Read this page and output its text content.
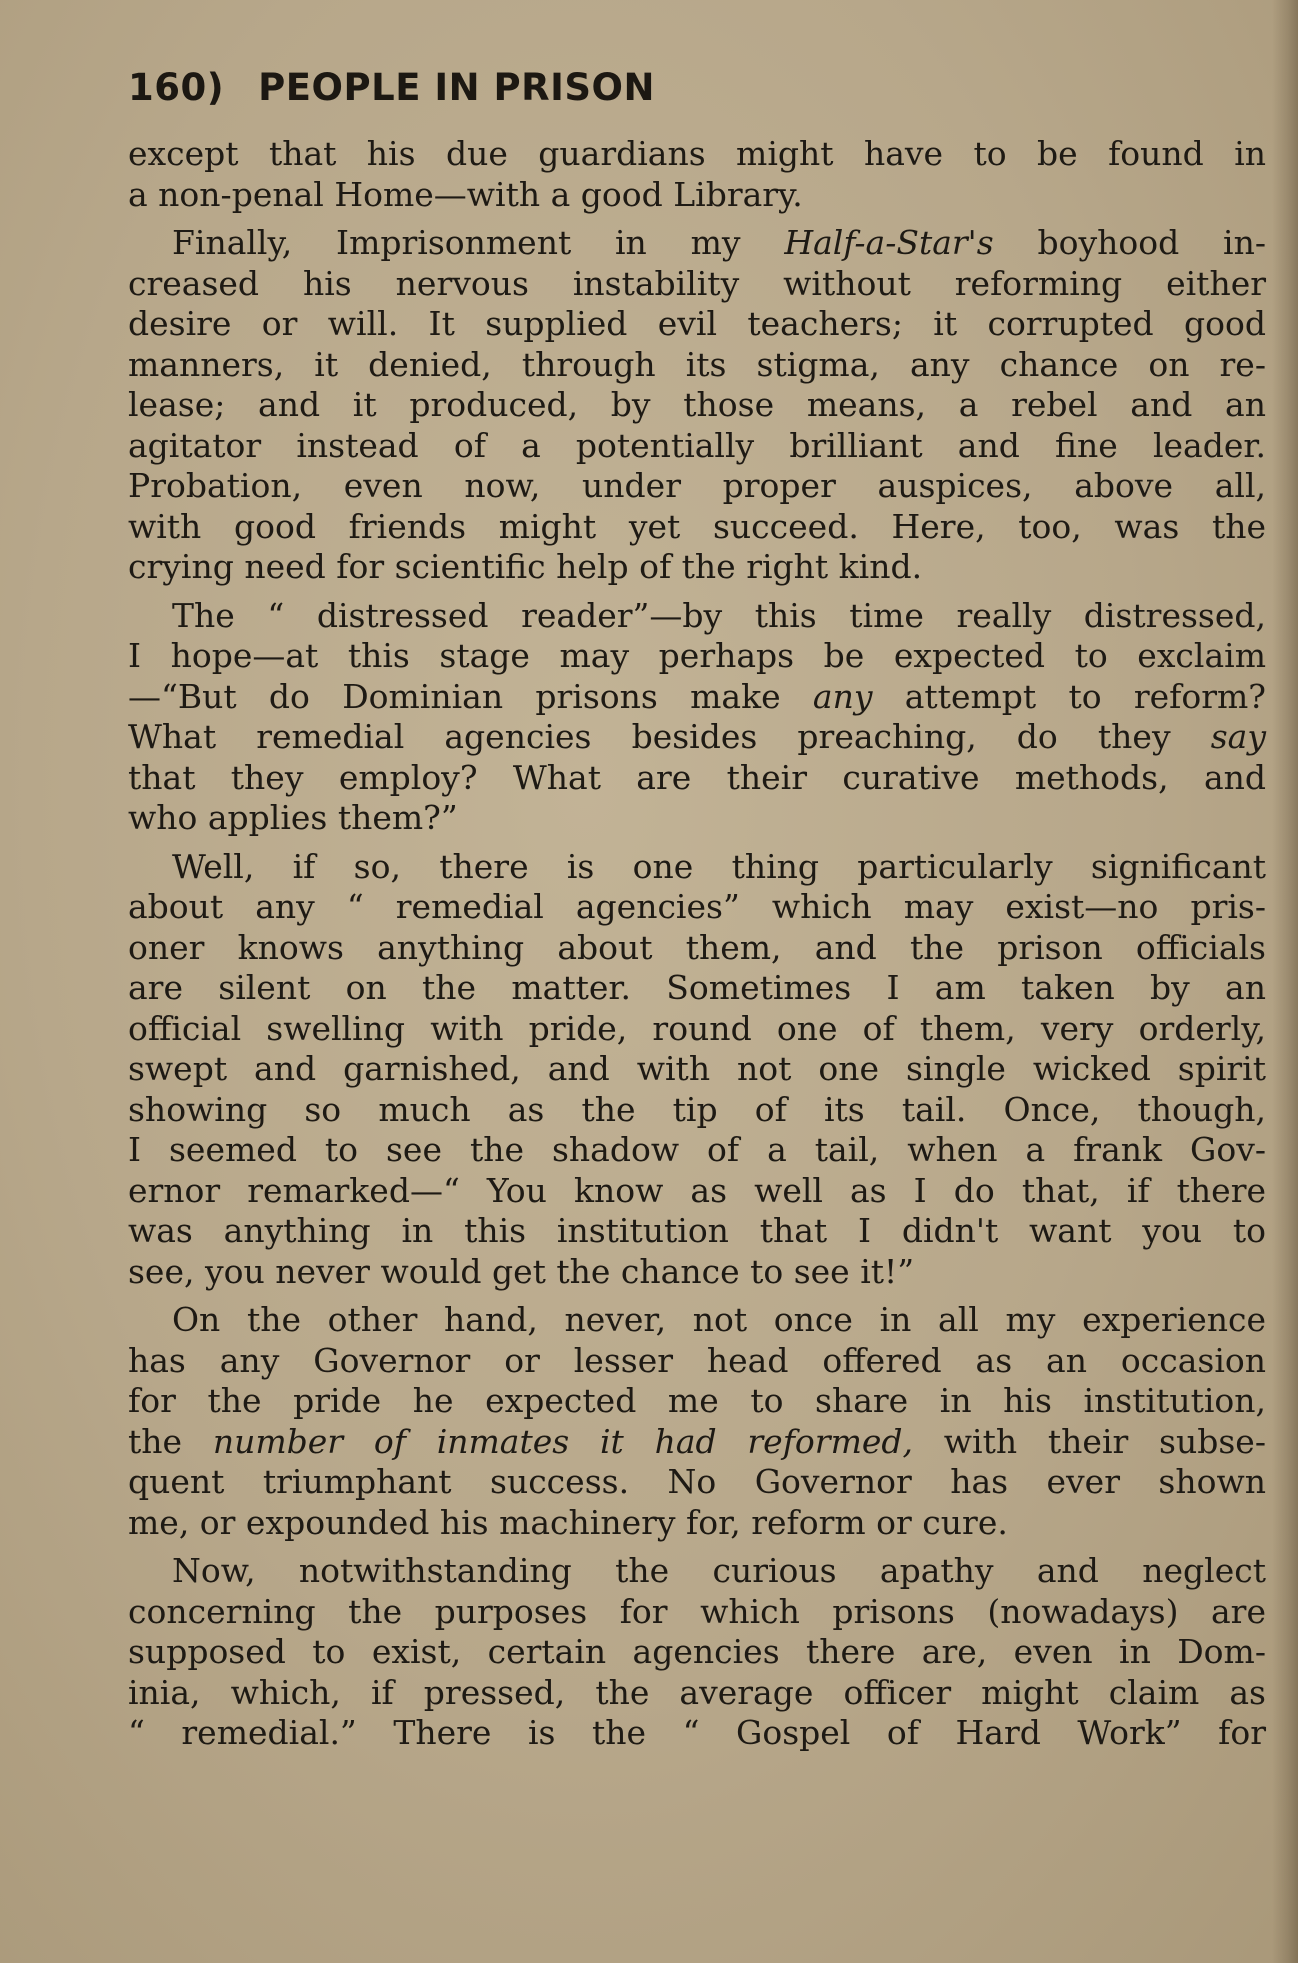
160) PEOPLE IN PRISON
except that his due guardians might have to be found in
a non-penal Home—with a good Library.
Finally, Imprisonment in my Half-a-Star's boyhood in-
creased his nervous instability without reforming either
desire or will. It supplied evil teachers; it corrupted good
manners, it denied, through its stigma, any chance on re-
lease; and it produced, by those means, a rebel and an
agitator instead of a potentially brilliant and fine leader.
Probation, even now, under proper auspices, above all,
with good friends might yet succeed. Here, too, was the
crying need for scientific help of the right kind.
The “ distressed reader”—by this time really distressed,
I hope—at this stage may perhaps be expected to exclaim
—“But do Dominian prisons make any attempt to reform?
What remedial agencies besides preaching, do they say
that they employ? What are their curative methods, and
who applies them?”
Well, if so, there is one thing particularly significant
about any “ remedial agencies” which may exist—no pris-
oner knows anything about them, and the prison officials
are silent on the matter. Sometimes I am taken by an
official swelling with pride, round one of them, very orderly,
swept and garnished, and with not one single wicked spirit
showing so much as the tip of its tail. Once, though,
I seemed to see the shadow of a tail, when a frank Gov-
ernor remarked—“ You know as well as I do that, if there
was anything in this institution that I didn't want you to
see, you never would get the chance to see it!”
On the other hand, never, not once in all my experience
has any Governor or lesser head offered as an occasion
for the pride he expected me to share in his institution,
the number of inmates it had reformed, with their subse-
quent triumphant success. No Governor has ever shown
me, or expounded his machinery for, reform or cure.
Now, notwithstanding the curious apathy and neglect
concerning the purposes for which prisons (nowadays) are
supposed to exist, certain agencies there are, even in Dom-
inia, which, if pressed, the average officer might claim as
“ remedial.” There is the “ Gospel of Hard Work” for
